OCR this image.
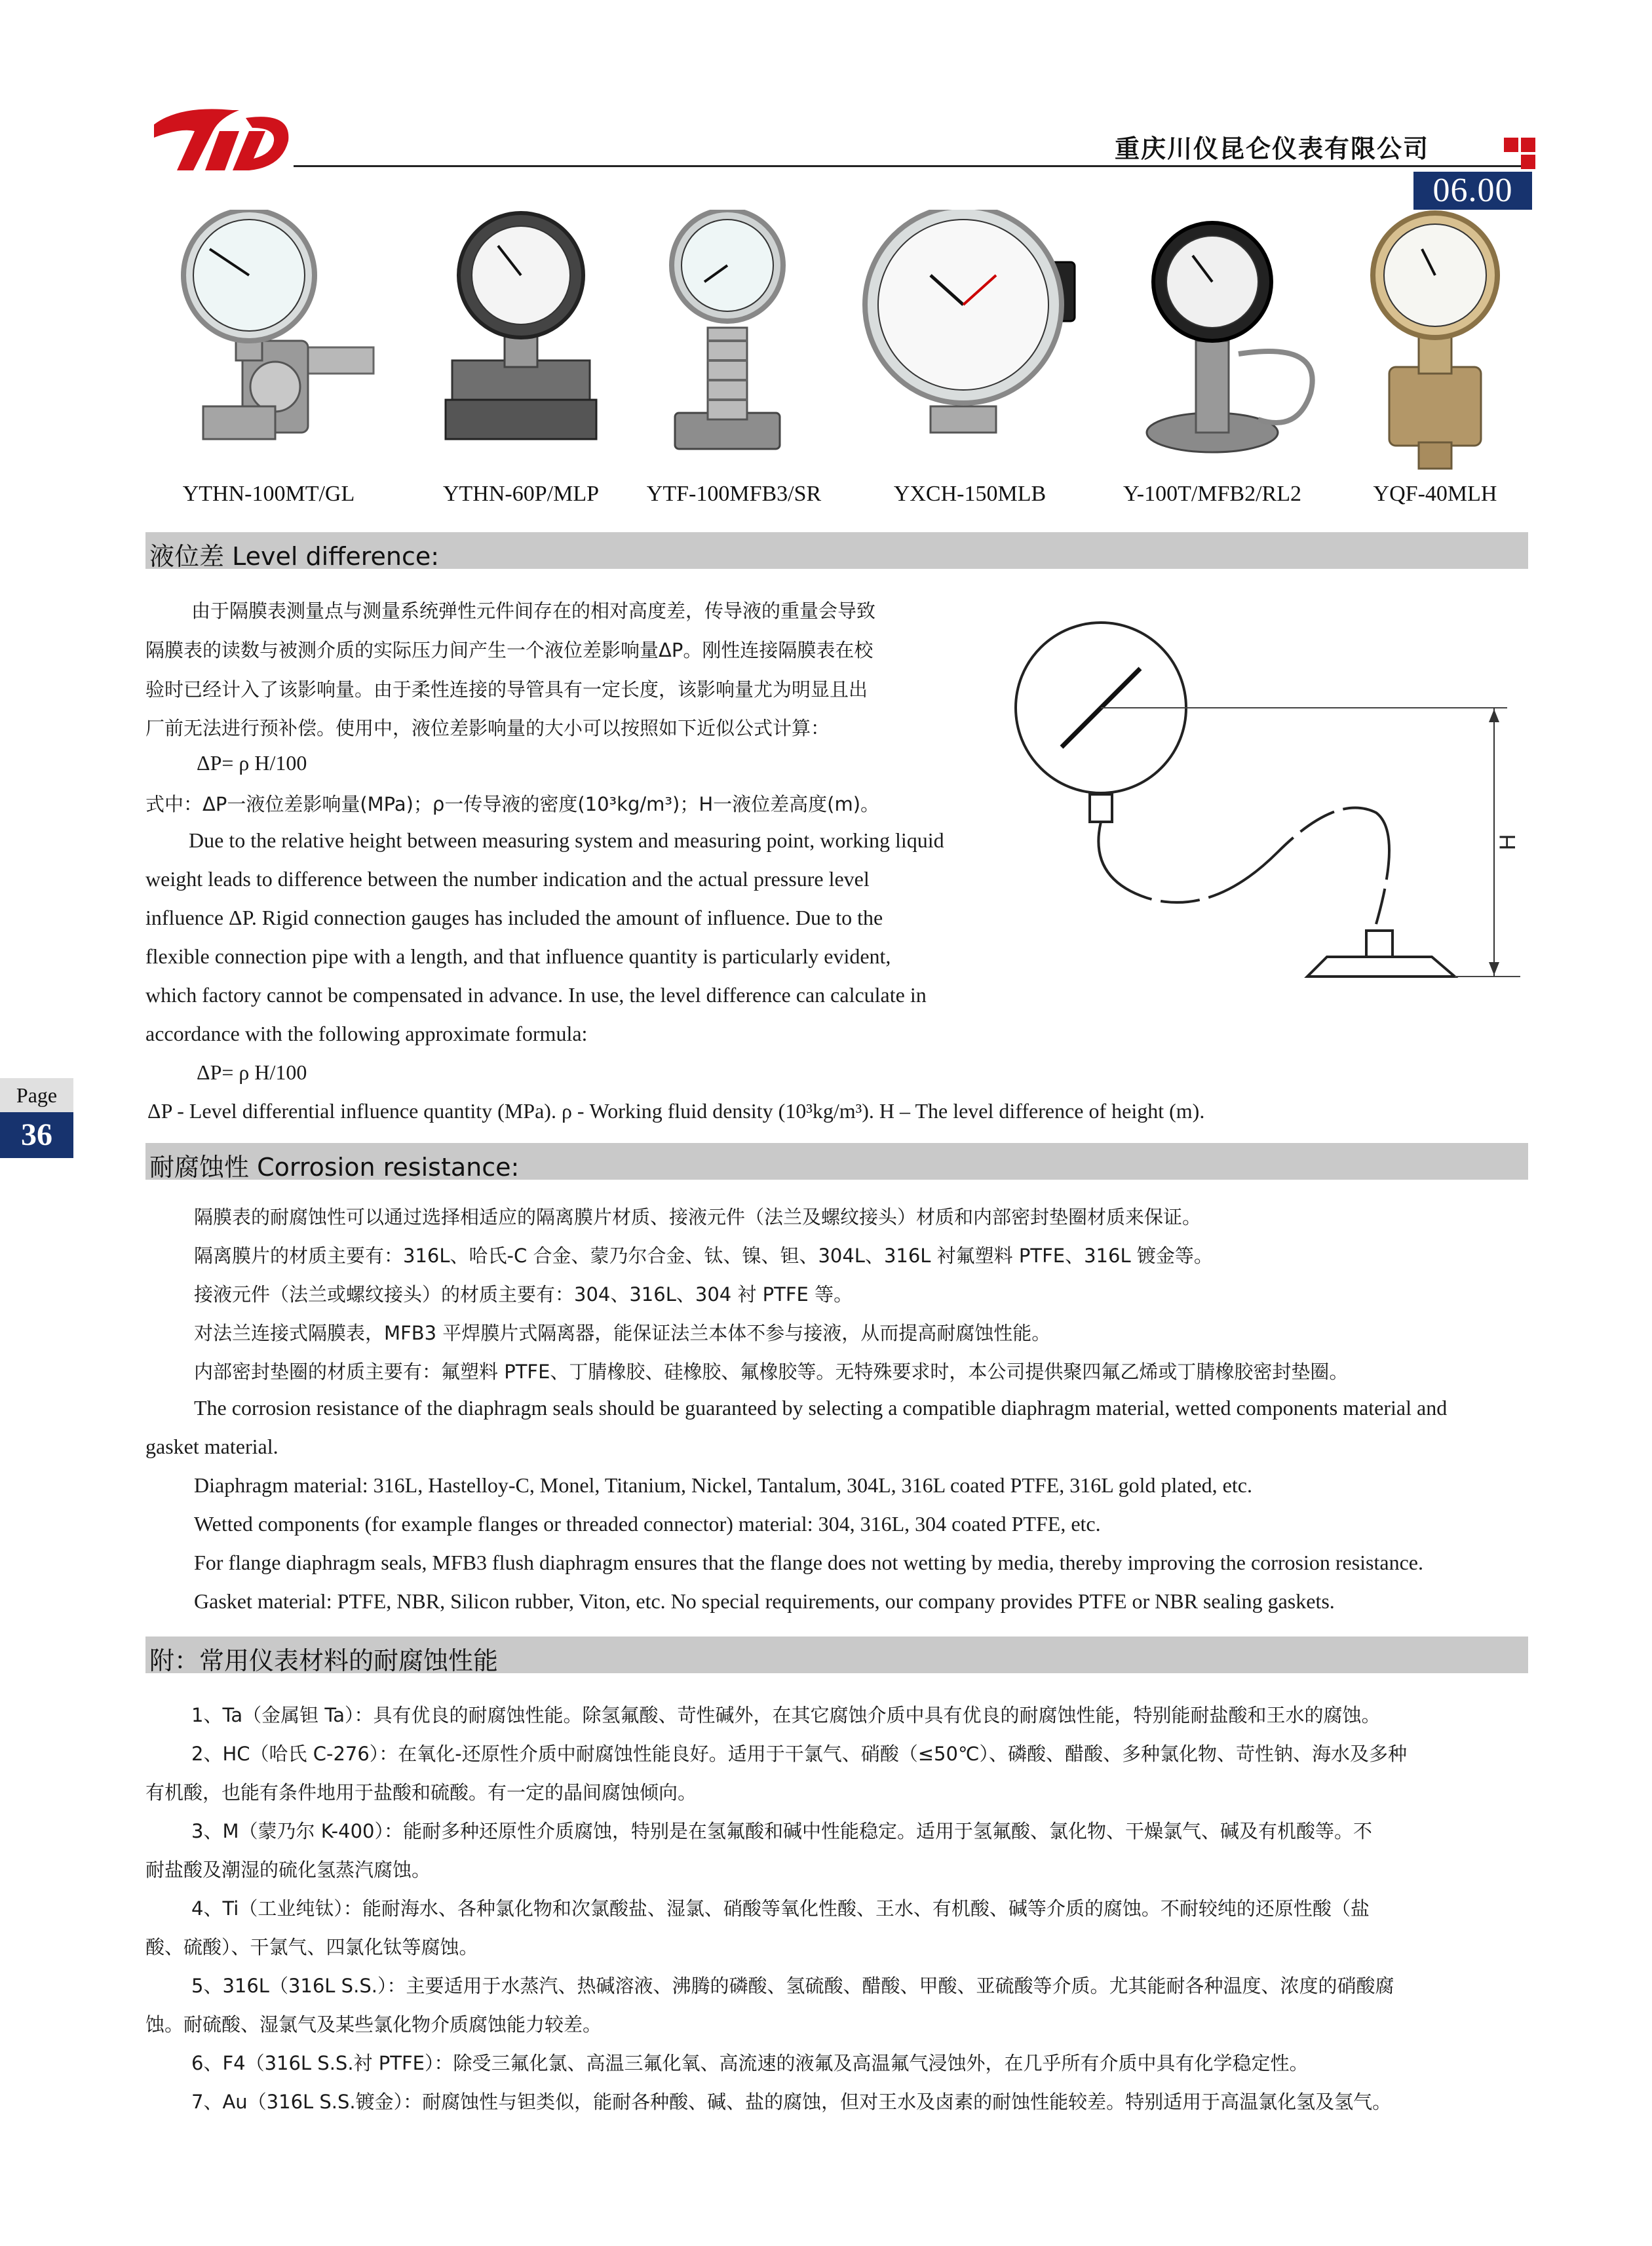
重庆川仪昆仑仪表有限公司
06.00
YTHN-100MT/GL	YTHN-60P/MLP	YTF-100MFB3/SR	YXCH-150MLB	Y-100T/MFB2/RL2	YQF-40MLH
液位差 Level difference:
由于隔膜表测量点与测量系统弹性元件间存在的相对高度差，传导液的重量会导致
隔膜表的读数与被测介质的实际压力间产生一个液位差影响量ΔP。刚性连接隔膜表在校
验时已经计入了该影响量。由于柔性连接的导管具有一定长度，该影响量尤为明显且出
厂前无法进行预补偿。使用中，液位差影响量的大小可以按照如下近似公式计算：
ΔP= ρ H/100
式中：ΔP一液位差影响量(MPa)；ρ一传导液的密度(10³kg/m³)；H一液位差高度(m)。
Due to the relative height between measuring system and measuring point, working liquid
weight leads to difference between the number indication and the actual pressure level
influence ΔP. Rigid connection gauges has included the amount of influence. Due to the
flexible connection pipe with a length, and that influence quantity is particularly evident,
which factory cannot be compensated in advance. In use, the level difference can calculate in
accordance with the following approximate formula:
ΔP= ρ H/100
ΔP - Level differential influence quantity (MPa). ρ - Working fluid density (10³kg/m³). H – The level difference of height (m).
H
Page
36
耐腐蚀性 Corrosion resistance:
隔膜表的耐腐蚀性可以通过选择相适应的隔离膜片材质、接液元件（法兰及螺纹接头）材质和内部密封垫圈材质来保证。
隔离膜片的材质主要有：316L、哈氏-C 合金、蒙乃尔合金、钛、镍、钽、304L、316L 衬氟塑料 PTFE、316L 镀金等。
接液元件（法兰或螺纹接头）的材质主要有：304、316L、304 衬 PTFE 等。
对法兰连接式隔膜表，MFB3 平焊膜片式隔离器，能保证法兰本体不参与接液，从而提高耐腐蚀性能。
内部密封垫圈的材质主要有：氟塑料 PTFE、丁腈橡胶、硅橡胶、氟橡胶等。无特殊要求时，本公司提供聚四氟乙烯或丁腈橡胶密封垫圈。
The corrosion resistance of the diaphragm seals should be guaranteed by selecting a compatible diaphragm material, wetted components material and
gasket material.
Diaphragm material: 316L, Hastelloy-C, Monel, Titanium, Nickel, Tantalum, 304L, 316L coated PTFE, 316L gold plated, etc.
Wetted components (for example flanges or threaded connector) material: 304, 316L, 304 coated PTFE, etc.
For flange diaphragm seals, MFB3 flush diaphragm ensures that the flange does not wetting by media, thereby improving the corrosion resistance.
Gasket material: PTFE, NBR, Silicon rubber, Viton, etc. No special requirements, our company provides PTFE or NBR sealing gaskets.
附：常用仪表材料的耐腐蚀性能
1、Ta（金属钽 Ta）：具有优良的耐腐蚀性能。除氢氟酸、苛性碱外，在其它腐蚀介质中具有优良的耐腐蚀性能，特别能耐盐酸和王水的腐蚀。
2、HC（哈氏 C-276）：在氧化-还原性介质中耐腐蚀性能良好。适用于干氯气、硝酸（≤50℃）、磷酸、醋酸、多种氯化物、苛性钠、海水及多种
有机酸，也能有条件地用于盐酸和硫酸。有一定的晶间腐蚀倾向。
3、M（蒙乃尔 K-400）：能耐多种还原性介质腐蚀，特别是在氢氟酸和碱中性能稳定。适用于氢氟酸、氯化物、干燥氯气、碱及有机酸等。不
耐盐酸及潮湿的硫化氢蒸汽腐蚀。
4、Ti（工业纯钛）：能耐海水、各种氯化物和次氯酸盐、湿氯、硝酸等氧化性酸、王水、有机酸、碱等介质的腐蚀。不耐较纯的还原性酸（盐
酸、硫酸）、干氯气、四氯化钛等腐蚀。
5、316L（316L S.S.）：主要适用于水蒸汽、热碱溶液、沸腾的磷酸、氢硫酸、醋酸、甲酸、亚硫酸等介质。尤其能耐各种温度、浓度的硝酸腐
蚀。耐硫酸、湿氯气及某些氯化物介质腐蚀能力较差。
6、F4（316L S.S.衬 PTFE）：除受三氟化氯、高温三氟化氧、高流速的液氟及高温氟气浸蚀外，在几乎所有介质中具有化学稳定性。
7、Au（316L S.S.镀金）：耐腐蚀性与钽类似，能耐各种酸、碱、盐的腐蚀，但对王水及卤素的耐蚀性能较差。特别适用于高温氯化氢及氢气。
